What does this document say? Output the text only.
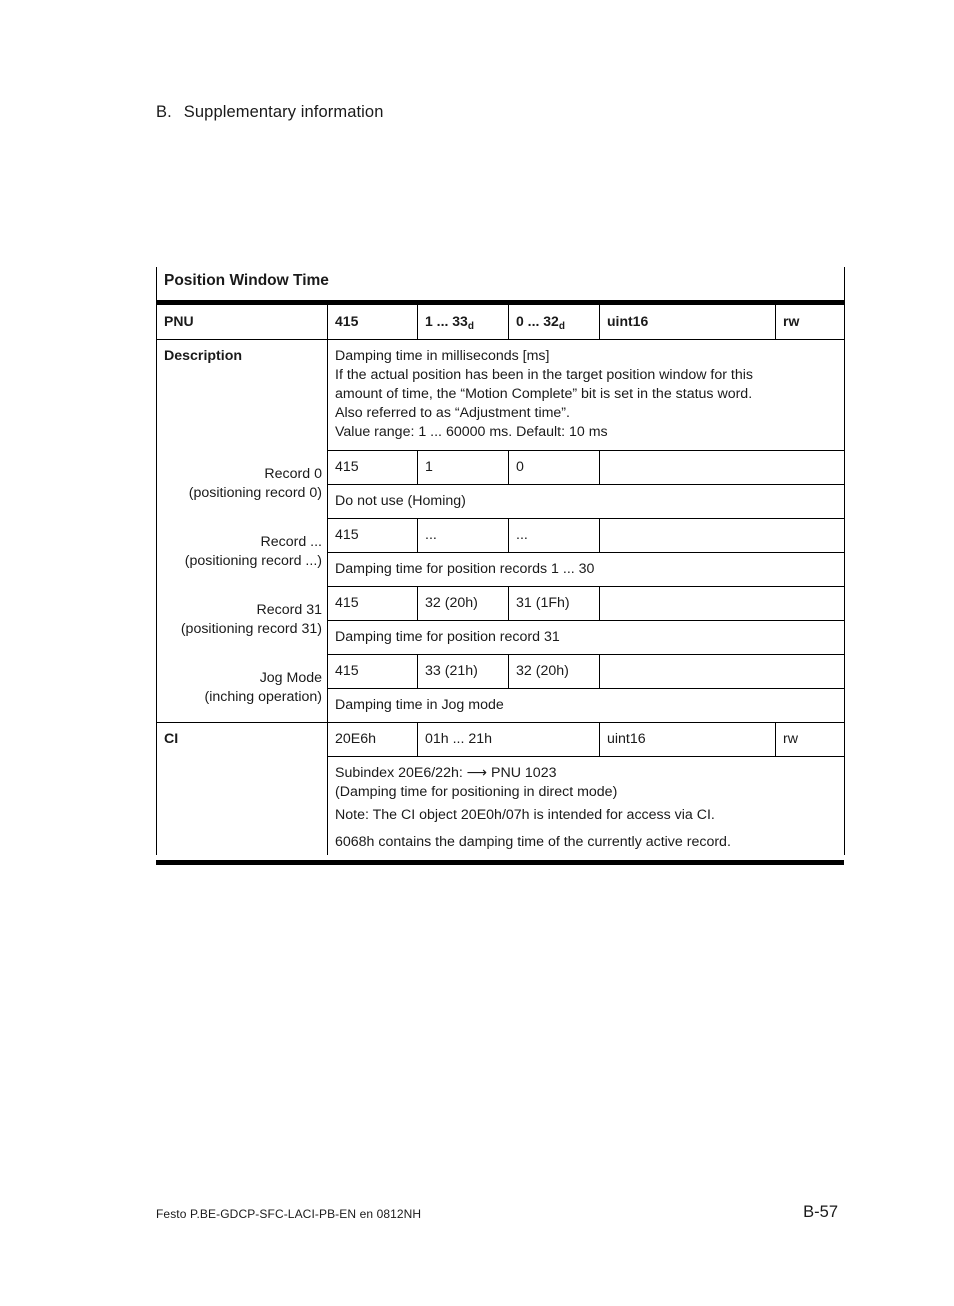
B. Supplementary information
Position Window Time					
PNU	415	1 ... $33_d$	0 ... $32_d$	uint16	rw
Description	Damping time in milliseconds [ms]
If the actual position has been in the target position window for this
amount of time, the “Motion Complete” bit is set in the status word.
Also referred to as “Adjustment time”.
Value range: 1 ... 60000 ms. Default: 10 ms				

Record 0
(positioning record 0)	415	1	0		
	Do not use (Homing)				

Record ...
(positioning record ...)	415	...	...		
	Damping time for position records 1 ... 30				

Record 31
(positioning record 31)	415	32 (20h)	31 (1Fh)		
	Damping time for position record 31				

Jog Mode
(inching operation)	415	33 (21h)	32 (20h)		
	Damping time in Jog mode				
CI	20E6h	01h ... 21h		uint16	rw

	Subindex 20E6/22h: ⟶ PNU 1023
(Damping time for positioning in direct mode)
Note: The CI object 20E0h/07h is intended for access via CI.
6068h contains the damping time of the currently active record.				
Festo P.BE-GDCP-SFC-LACI-PB-EN en 0812NH	B-57
